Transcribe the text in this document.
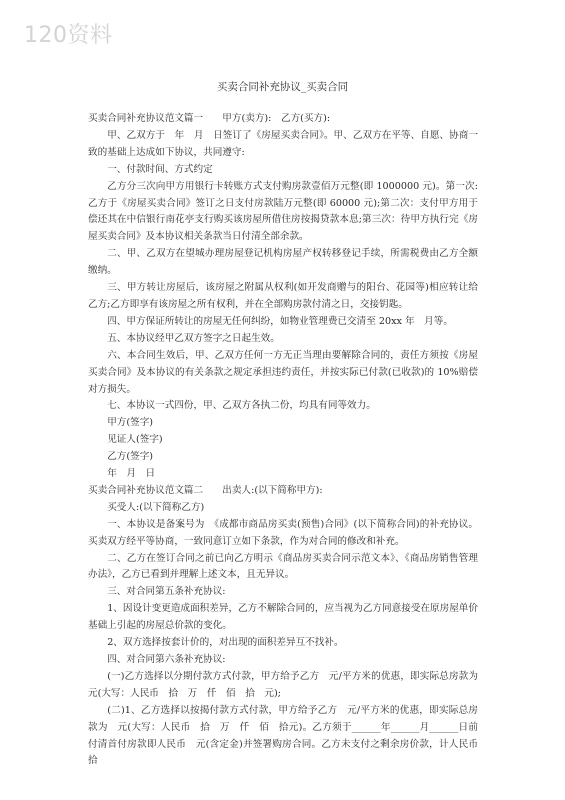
120资料
买卖合同补充协议_买卖合同

买卖合同补充协议范文篇一　　甲方(卖方):　乙方(买方):

甲、乙双方于　年　月　日签订了《房屋买卖合同》。甲、乙双方在平等、自愿、协商一致的基础上达成如下协议，共同遵守:

一、付款时间、方式约定

乙方分三次向甲方用银行卡转账方式支付购房款壹佰万元整(即 1000000 元)。第一次:乙方于《房屋买卖合同》签订之日支付房款陆万元整(即 60000 元);第二次：支付甲方用于偿还其在中信银行南花亭支行购买该房屋所借住房按揭贷款本息;第三次：待甲方执行完《房屋买卖合同》及本协议相关条款当日付清全部余款。

二、甲、乙双方在望城办理房屋登记机构房屋产权转移登记手续，所需税费由乙方全额缴纳。

三、甲方转让房屋后，该房屋之附属从权利(如开发商赠与的阳台、花园等)相应转让给乙方;乙方即享有该房屋之所有权利，并在全部购房款付清之日，交接钥匙。

四、甲方保证所转让的房屋无任何纠纷，如物业管理费已交清至 20xx 年　月等。

五、本协议经甲乙双方签字之日起生效。

六、本合同生效后，甲、乙双方任何一方无正当理由要解除合同的，责任方须按《房屋买卖合同》及本协议的有关条款之规定承担违约责任，并按实际已付款(已收款)的 10%赔偿对方损失。

七、本协议一式四份，甲、乙双方各执二份，均具有同等效力。

甲方(签字)

见证人(签字)

乙方(签字)

年　月　日

买卖合同补充协议范文篇二　　出卖人:(以下简称甲方):

买受人:(以下简称乙方)

一、本协议是备案号为　《成都市商品房买卖(预售)合同》(以下简称合同)的补充协议。买卖双方经平等协商，一致同意订立如下条款，作为对合同的修改和补充。

二、乙方在签订合同之前已向乙方明示《商品房买卖合同示范文本》、《商品房销售管理办法》，乙方已看到并理解上述文本，且无异议。

三、对合同第五条补充协议:

1、因设计变更造成面积差异，乙方不解除合同的，应当视为乙方同意接受在原房屋单价基础上引起的房屋总价款的变化。

2、双方选择按套计价的，对出现的面积差异互不找补。

四、对合同第六条补充协议:

(一)乙方选择以分期付款方式付款，甲方给予乙方　元/平方米的优惠，即实际总房款为元(大写：人民币　拾　万　仟　佰　拾　元);

(二)1、乙方选择以按揭付款方式付款，甲方给予乙方　元/平方米的优惠，即实际总房款为　元(大写：人民币　拾　万　仟　佰　拾元)。乙方须于______年______月______日前付清首付房款即人民币　元(含定金)并签署购房合同。乙方未支付之剩余房价款，计人民币　拾
